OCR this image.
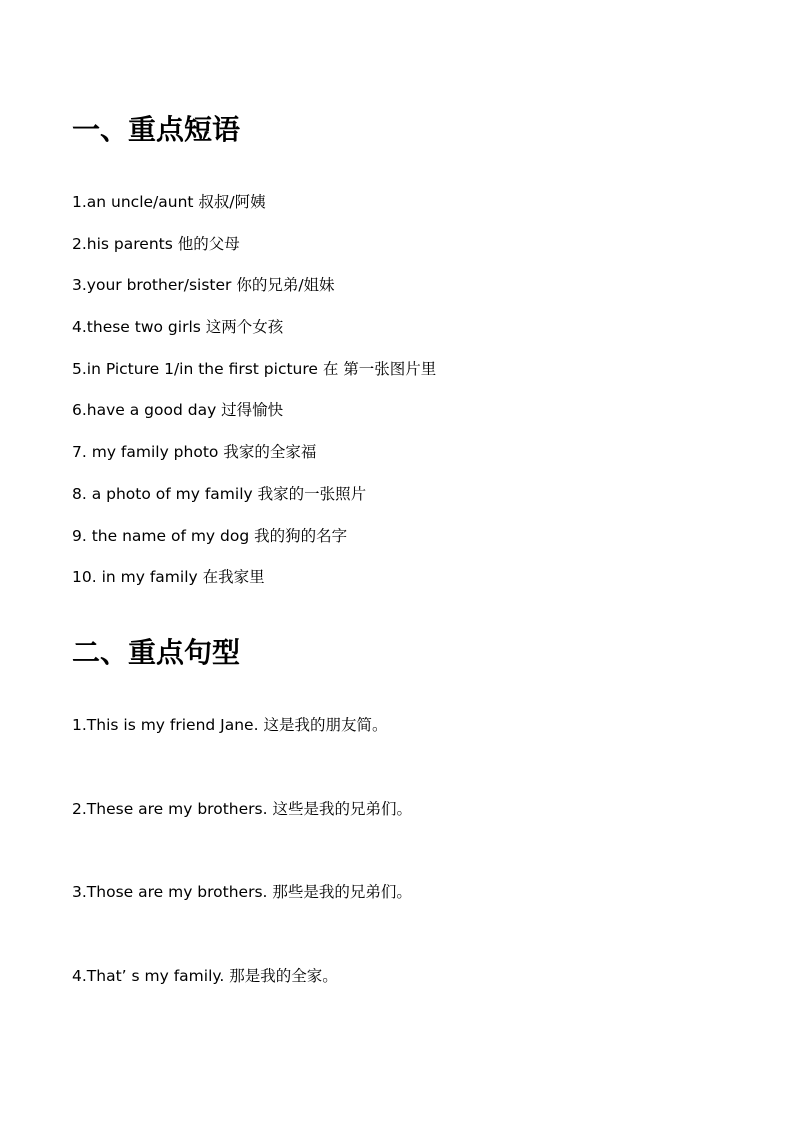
一、重点短语
1.an uncle/aunt 叔叔/阿姨
2.his parents 他的父母
3.your brother/sister 你的兄弟/姐妹
4.these two girls 这两个女孩
5.in Picture 1/in the first picture 在 第一张图片里
6.have a good day 过得愉快
7. my family photo 我家的全家福
8. a photo of my family 我家的一张照片
9. the name of my dog 我的狗的名字
10. in my family 在我家里
二、重点句型
1.This is my friend Jane. 这是我的朋友简。
2.These are my brothers. 这些是我的兄弟们。
3.Those are my brothers. 那些是我的兄弟们。
4.That’ s my family. 那是我的全家。
